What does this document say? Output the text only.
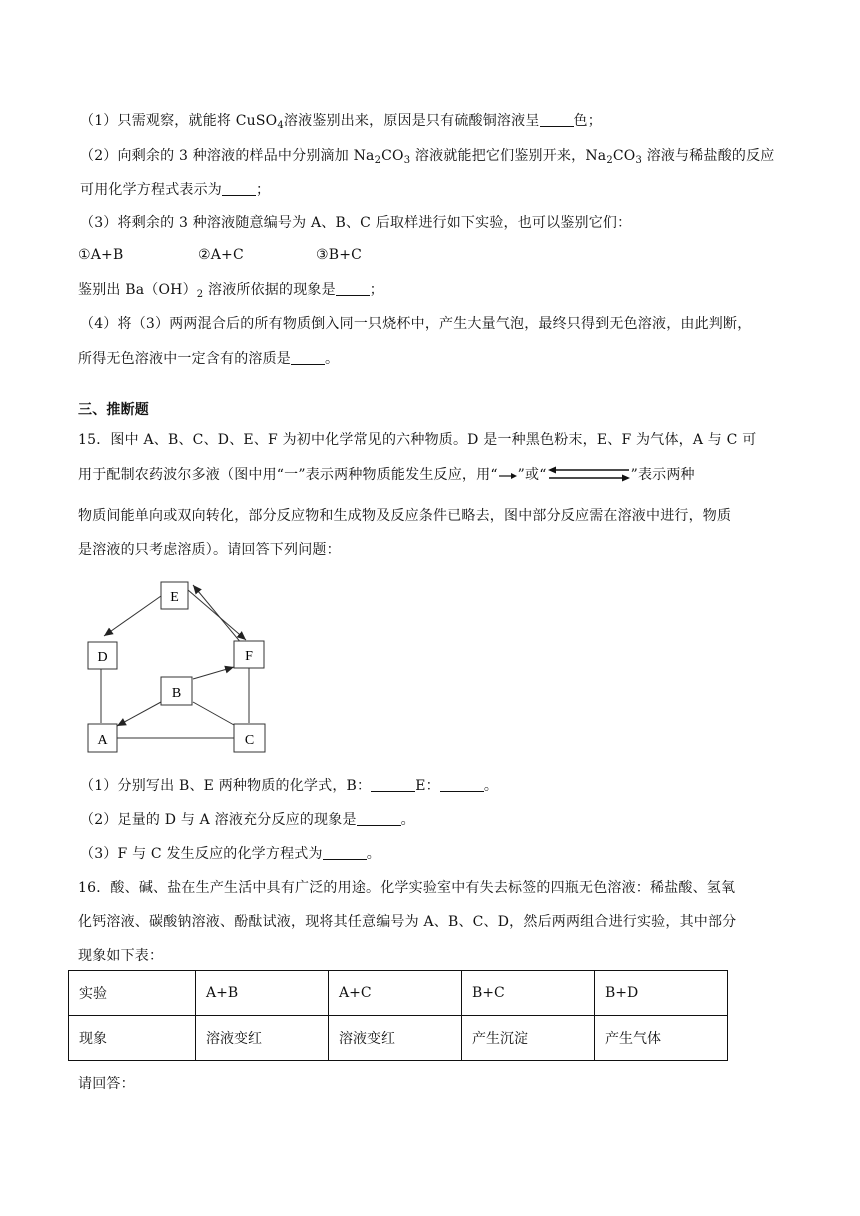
（1）只需观察，就能将 CuSO$_4$溶液鉴别出来，原因是只有硫酸铜溶液呈 色；
（2）向剩余的 3 种溶液的样品中分别滴加 $Na_2CO_3$ 溶液就能把它们鉴别开来，$Na_2CO_3$ 溶液与稀盐酸的反应
可用化学方程式表示为 ；
（3）将剩余的 3 种溶液随意编号为 A、B、C 后取样进行如下实验，也可以鉴别它们：
①A+B	②A+C	③B+C
鉴别出 $Ba(OH)_2$ 溶液所依据的现象是 ；
（4）将（3）两两混合后的所有物质倒入同一只烧杯中，产生大量气泡，最终只得到无色溶液，由此判断，
所得无色溶液中一定含有的溶质是 。
三、推断题
15．图中 A、B、C、D、E、F 为初中化学常见的六种物质。D 是一种黑色粉末，E、F 为气体，A 与 C 可
用于配制农药波尔多液（图中用“一”表示两种物质能发生反应，用“ ”或“	”表示两种
物质间能单向或双向转化，部分反应物和生成物及反应条件已略去，图中部分反应需在溶液中进行，物质
是溶液的只考虑溶质）。请回答下列问题：
E
D	F
B
A	C
（1）分别写出 B、E 两种物质的化学式，B：	E：	。
（2）足量的 D 与 A 溶液充分反应的现象是	。
（3）F 与 C 发生反应的化学方程式为	。
16．酸、碱、盐在生产生活中具有广泛的用途。化学实验室中有失去标签的四瓶无色溶液：稀盐酸、氢氧
化钙溶液、碳酸钠溶液、酚酞试液，现将其任意编号为 A、B、C、D，然后两两组合进行实验，其中部分
现象如下表：
实验	A+B	A+C	B+C	B+D
现象	溶液变红	溶液变红	产生沉淀	产生气体
请回答：
